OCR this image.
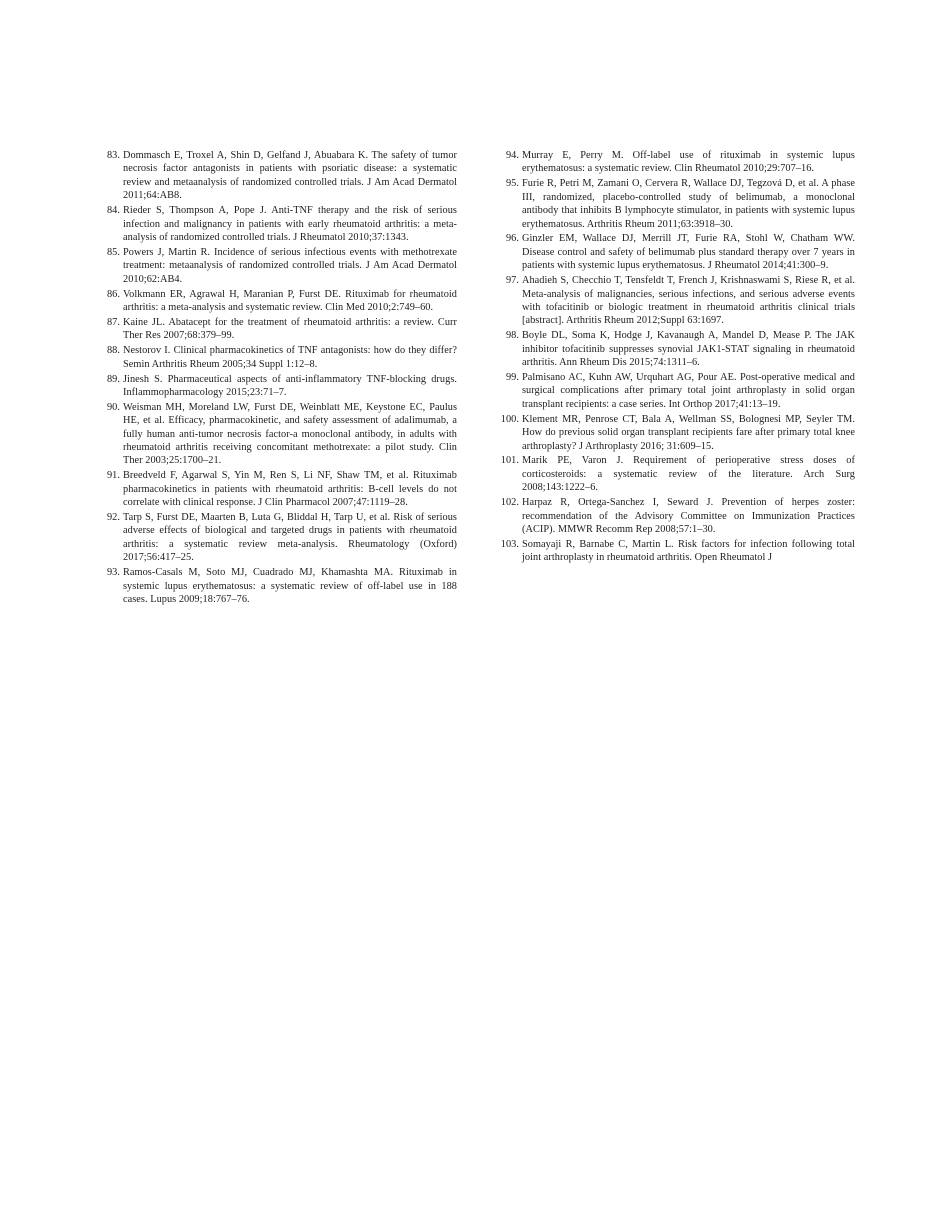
83. Dommasch E, Troxel A, Shin D, Gelfand J, Abuabara K. The safety of tumor necrosis factor antagonists in patients with psoriatic disease: a systematic review and metaanalysis of randomized controlled trials. J Am Acad Dermatol 2011;64:AB8.
84. Rieder S, Thompson A, Pope J. Anti-TNF therapy and the risk of serious infection and malignancy in patients with early rheumatoid arthritis: a meta-analysis of randomized controlled trials. J Rheumatol 2010;37:1343.
85. Powers J, Martin R. Incidence of serious infectious events with methotrexate treatment: metaanalysis of randomized controlled trials. J Am Acad Dermatol 2010;62:AB4.
86. Volkmann ER, Agrawal H, Maranian P, Furst DE. Rituximab for rheumatoid arthritis: a meta-analysis and systematic review. Clin Med 2010;2:749–60.
87. Kaine JL. Abatacept for the treatment of rheumatoid arthritis: a review. Curr Ther Res 2007;68:379–99.
88. Nestorov I. Clinical pharmacokinetics of TNF antagonists: how do they differ? Semin Arthritis Rheum 2005;34 Suppl 1:12–8.
89. Jinesh S. Pharmaceutical aspects of anti-inflammatory TNF-blocking drugs. Inflammopharmacology 2015;23:71–7.
90. Weisman MH, Moreland LW, Furst DE, Weinblatt ME, Keystone EC, Paulus HE, et al. Efficacy, pharmacokinetic, and safety assessment of adalimumab, a fully human anti-tumor necrosis factor-a monoclonal antibody, in adults with rheumatoid arthritis receiving concomitant methotrexate: a pilot study. Clin Ther 2003;25:1700–21.
91. Breedveld F, Agarwal S, Yin M, Ren S, Li NF, Shaw TM, et al. Rituximab pharmacokinetics in patients with rheumatoid arthritis: B-cell levels do not correlate with clinical response. J Clin Pharmacol 2007;47:1119–28.
92. Tarp S, Furst DE, Maarten B, Luta G, Bliddal H, Tarp U, et al. Risk of serious adverse effects of biological and targeted drugs in patients with rheumatoid arthritis: a systematic review meta-analysis. Rheumatology (Oxford) 2017;56:417–25.
93. Ramos-Casals M, Soto MJ, Cuadrado MJ, Khamashta MA. Rituximab in systemic lupus erythematosus: a systematic review of off-label use in 188 cases. Lupus 2009;18:767–76.
94. Murray E, Perry M. Off-label use of rituximab in systemic lupus erythematosus: a systematic review. Clin Rheumatol 2010;29:707–16.
95. Furie R, Petri M, Zamani O, Cervera R, Wallace DJ, Tegzová D, et al. A phase III, randomized, placebo-controlled study of belimumab, a monoclonal antibody that inhibits B lymphocyte stimulator, in patients with systemic lupus erythematosus. Arthritis Rheum 2011;63:3918–30.
96. Ginzler EM, Wallace DJ, Merrill JT, Furie RA, Stohl W, Chatham WW. Disease control and safety of belimumab plus standard therapy over 7 years in patients with systemic lupus erythematosus. J Rheumatol 2014;41:300–9.
97. Ahadieh S, Checchio T, Tensfeldt T, French J, Krishnaswami S, Riese R, et al. Meta-analysis of malignancies, serious infections, and serious adverse events with tofacitinib or biologic treatment in rheumatoid arthritis clinical trials [abstract]. Arthritis Rheum 2012;Suppl 63:1697.
98. Boyle DL, Soma K, Hodge J, Kavanaugh A, Mandel D, Mease P. The JAK inhibitor tofacitinib suppresses synovial JAK1-STAT signaling in rheumatoid arthritis. Ann Rheum Dis 2015;74:1311–6.
99. Palmisano AC, Kuhn AW, Urquhart AG, Pour AE. Post-operative medical and surgical complications after primary total joint arthroplasty in solid organ transplant recipients: a case series. Int Orthop 2017;41:13–19.
100. Klement MR, Penrose CT, Bala A, Wellman SS, Bolognesi MP, Seyler TM. How do previous solid organ transplant recipients fare after primary total knee arthroplasty? J Arthroplasty 2016; 31:609–15.
101. Marik PE, Varon J. Requirement of perioperative stress doses of corticosteroids: a systematic review of the literature. Arch Surg 2008;143:1222–6.
102. Harpaz R, Ortega-Sanchez I, Seward J. Prevention of herpes zoster: recommendation of the Advisory Committee on Immunization Practices (ACIP). MMWR Recomm Rep 2008;57:1–30.
103. Somayaji R, Barnabe C, Martin L. Risk factors for infection following total joint arthroplasty in rheumatoid arthritis. Open Rheumatol J
